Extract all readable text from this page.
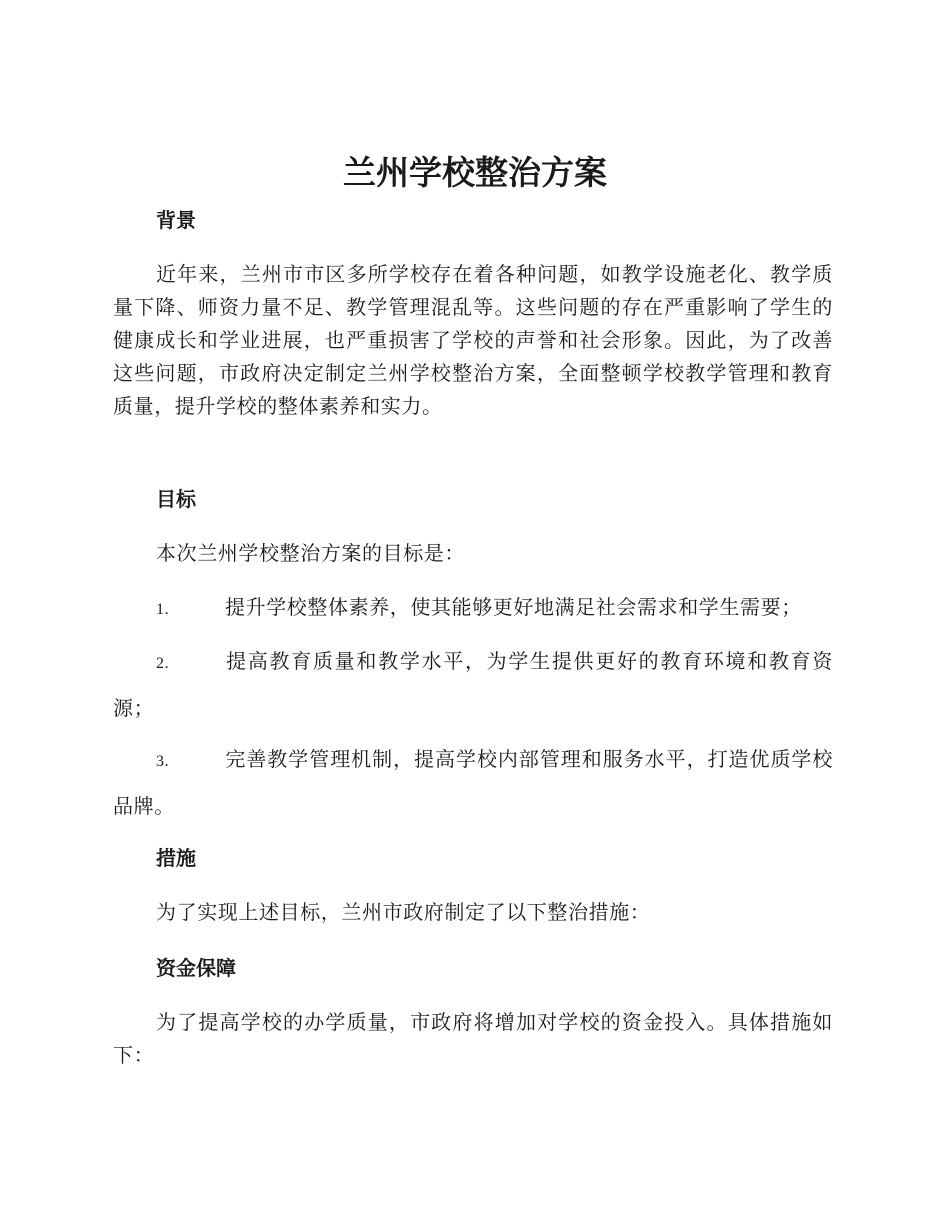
兰州学校整治方案
背景

近年来，兰州市市区多所学校存在着各种问题，如教学设施老化、教学质量下降、师资力量不足、教学管理混乱等。这些问题的存在严重影响了学生的健康成长和学业进展，也严重损害了学校的声誉和社会形象。因此，为了改善这些问题，市政府决定制定兰州学校整治方案，全面整顿学校教学管理和教育质量，提升学校的整体素养和实力。

目标

本次兰州学校整治方案的目标是：

1.	提升学校整体素养，使其能够更好地满足社会需求和学生需要；

2.	提高教育质量和教学水平，为学生提供更好的教育环境和教育资源；

3.	完善教学管理机制，提高学校内部管理和服务水平，打造优质学校品牌。

措施

为了实现上述目标，兰州市政府制定了以下整治措施：

资金保障

为了提高学校的办学质量，市政府将增加对学校的资金投入。具体措施如下：
